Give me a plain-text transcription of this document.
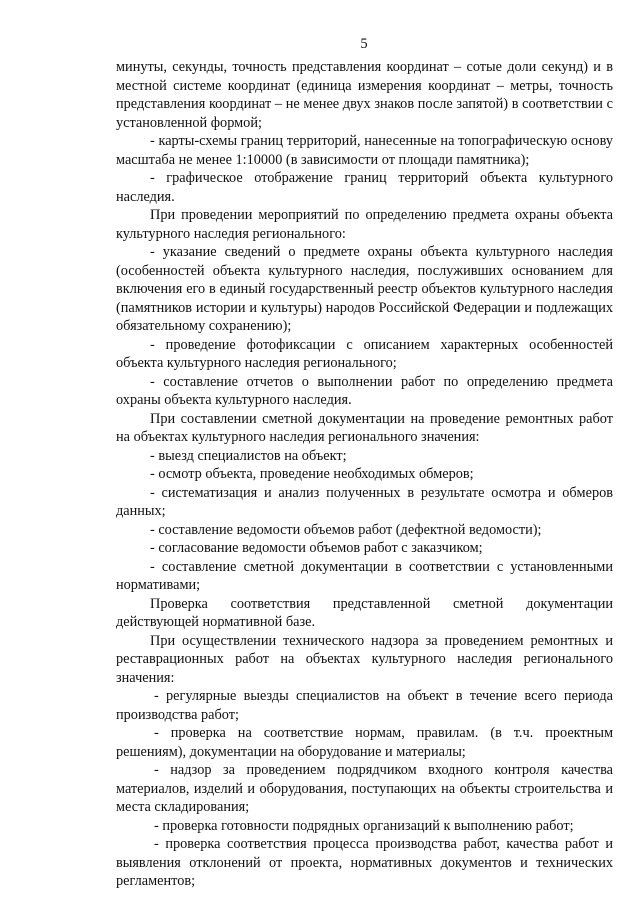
5

минуты, секунды, точность представления координат – сотые доли секунд) и в местной системе координат (единица измерения координат – метры, точность представления координат – не менее двух знаков после запятой) в соответствии с установленной формой;

- карты-схемы границ территорий, нанесенные на топографическую основу масштаба не менее 1:10000 (в зависимости от площади памятника);

- графическое отображение границ территорий объекта культурного наследия.

При проведении мероприятий по определению предмета охраны объекта культурного наследия регионального:

- указание сведений о предмете охраны объекта культурного наследия (особенностей объекта культурного наследия, послуживших основанием для включения его в единый государственный реестр объектов культурного наследия (памятников истории и культуры) народов Российской Федерации и подлежащих обязательному сохранению);

- проведение фотофиксации с описанием характерных особенностей объекта культурного наследия регионального;

- составление отчетов о выполнении работ по определению предмета охраны объекта культурного наследия.

При составлении сметной документации на проведение ремонтных работ на объектах культурного наследия регионального значения:

- выезд специалистов на объект;

- осмотр объекта, проведение необходимых обмеров;

- систематизация и анализ полученных в результате осмотра и обмеров данных;

- составление ведомости объемов работ (дефектной ведомости);

- согласование ведомости объемов работ с заказчиком;

- составление сметной документации в соответствии с установленными нормативами;

Проверка соответствия представленной сметной документации действующей нормативной базе.

При осуществлении технического надзора за проведением ремонтных и реставрационных работ на объектах культурного наследия регионального значения:

- регулярные выезды специалистов на объект в течение всего периода производства работ;

- проверка на соответствие нормам, правилам. (в т.ч. проектным решениям), документации на оборудование и материалы;

- надзор за проведением подрядчиком входного контроля качества материалов, изделий и оборудования, поступающих на объекты строительства и места складирования;

- проверка готовности подрядных организаций к выполнению работ;

- проверка соответствия процесса производства работ, качества работ и выявления отклонений от проекта, нормативных документов и технических регламентов;
